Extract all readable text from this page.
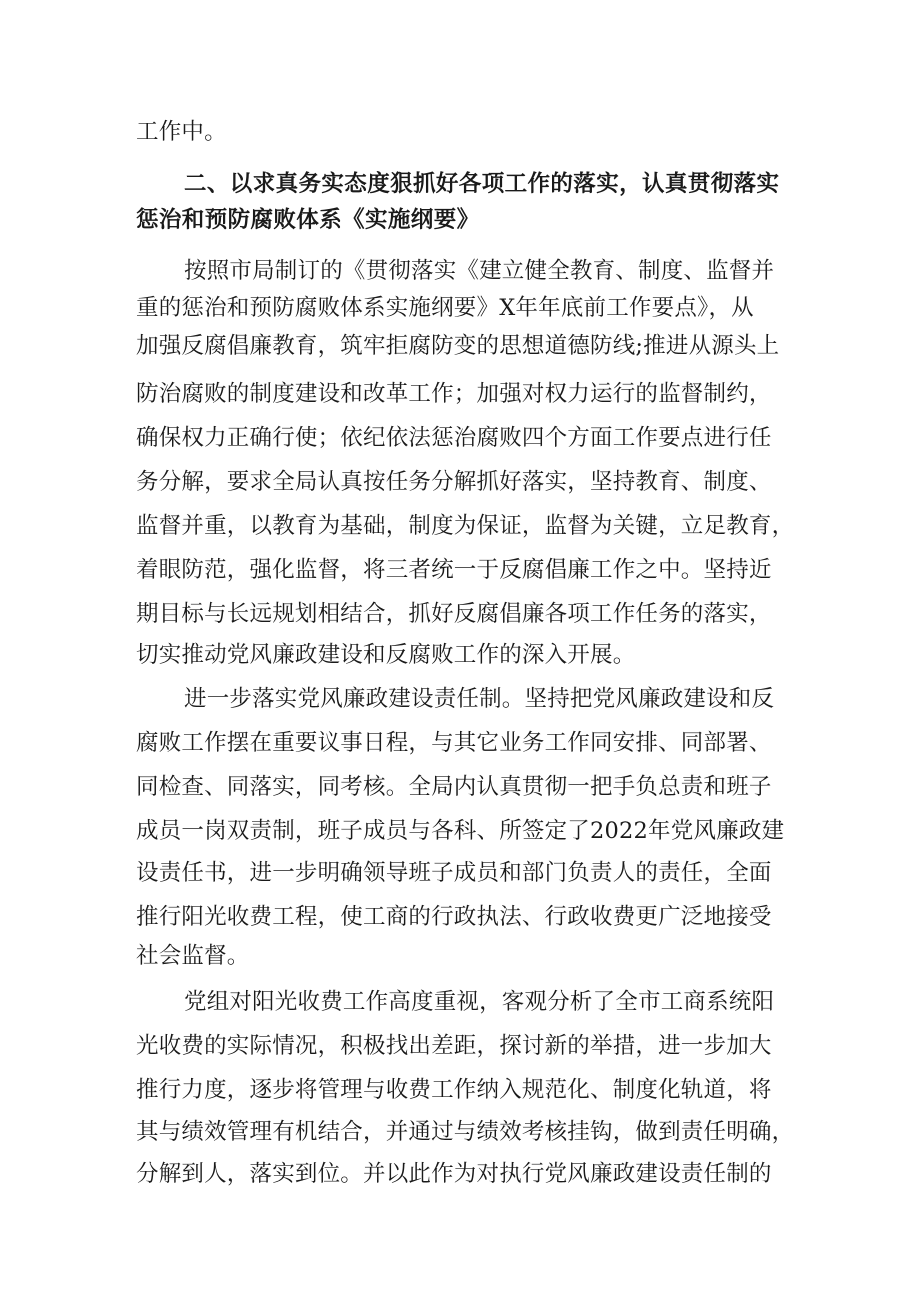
工作中。
二、以求真务实态度狠抓好各项工作的落实，认真贯彻落实
惩治和预防腐败体系《实施纲要》
按照市局制订的《贯彻落实《建立健全教育、制度、监督并
重的惩治和预防腐败体系实施纲要》X年年底前工作要点》，从
加强反腐倡廉教育，筑牢拒腐防变的思想道德防线;推进从源头上
防治腐败的制度建设和改革工作；加强对权力运行的监督制约，
确保权力正确行使；依纪依法惩治腐败四个方面工作要点进行任
务分解，要求全局认真按任务分解抓好落实，坚持教育、制度、
监督并重，以教育为基础，制度为保证，监督为关键，立足教育，
着眼防范，强化监督，将三者统一于反腐倡廉工作之中。坚持近
期目标与长远规划相结合，抓好反腐倡廉各项工作任务的落实，
切实推动党风廉政建设和反腐败工作的深入开展。
进一步落实党风廉政建设责任制。坚持把党风廉政建设和反
腐败工作摆在重要议事日程，与其它业务工作同安排、同部署、
同检查、同落实，同考核。全局内认真贯彻一把手负总责和班子
成员一岗双责制，班子成员与各科、所签定了2022年党风廉政建
设责任书，进一步明确领导班子成员和部门负责人的责任，全面
推行阳光收费工程，使工商的行政执法、行政收费更广泛地接受
社会监督。
党组对阳光收费工作高度重视，客观分析了全市工商系统阳
光收费的实际情况，积极找出差距，探讨新的举措，进一步加大
推行力度，逐步将管理与收费工作纳入规范化、制度化轨道，将
其与绩效管理有机结合，并通过与绩效考核挂钩，做到责任明确，
分解到人，落实到位。并以此作为对执行党风廉政建设责任制的
